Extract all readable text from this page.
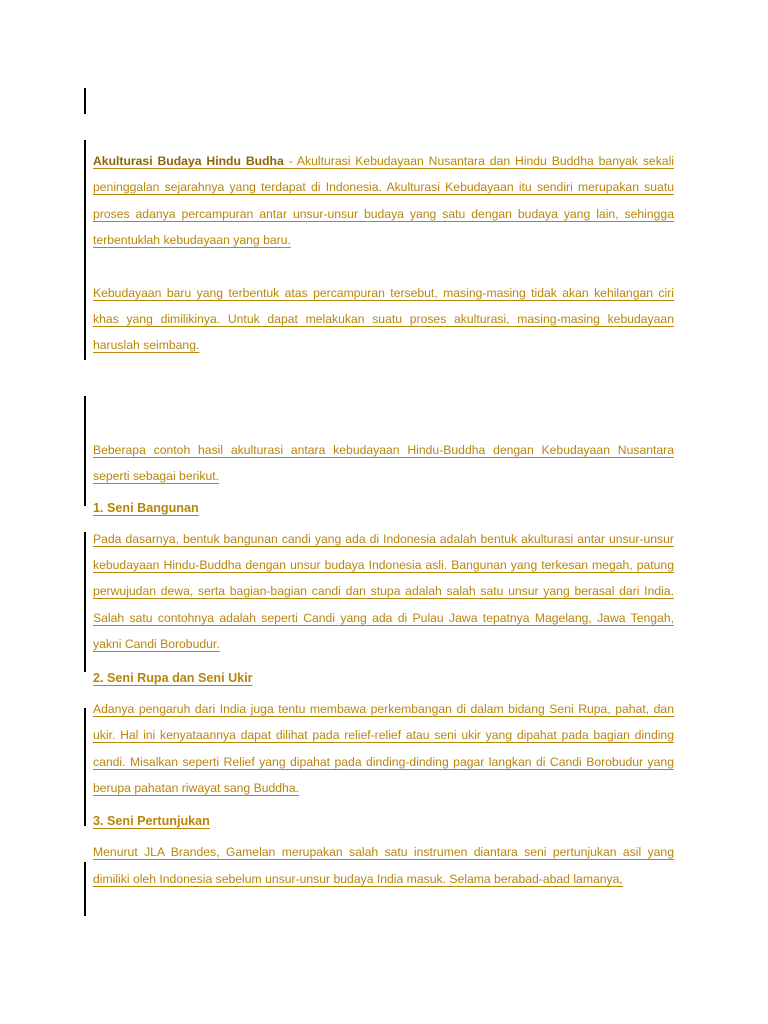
Akulturasi Budaya Hindu Budha - Akulturasi Kebudayaan Nusantara dan Hindu Buddha banyak sekali peninggalan sejarahnya yang terdapat di Indonesia. Akulturasi Kebudayaan itu sendiri merupakan suatu proses adanya percampuran antar unsur-unsur budaya yang satu dengan budaya yang lain, sehingga terbentuklah kebudayaan yang baru.

Kebudayaan baru yang terbentuk atas percampuran tersebut, masing-masing tidak akan kehilangan ciri khas yang dimilikinya. Untuk dapat melakukan suatu proses akulturasi, masing-masing kebudayaan haruslah seimbang.

Beberapa contoh hasil akulturasi antara kebudayaan Hindu-Buddha dengan Kebudayaan Nusantara seperti sebagai berikut.

1. Seni Bangunan

Pada dasarnya, bentuk bangunan candi yang ada di Indonesia adalah bentuk akulturasi antar unsur-unsur kebudayaan Hindu-Buddha dengan unsur budaya Indonesia asli. Bangunan yang terkesan megah, patung perwujudan dewa, serta bagian-bagian candi dan stupa adalah salah satu unsur yang berasal dari India. Salah satu contohnya adalah seperti Candi yang ada di Pulau Jawa tepatnya Magelang, Jawa Tengah, yakni Candi Borobudur.

2. Seni Rupa dan Seni Ukir

Adanya pengaruh dari India juga tentu membawa perkembangan di dalam bidang Seni Rupa, pahat, dan ukir. Hal ini kenyataannya dapat dilihat pada relief-relief atau seni ukir yang dipahat pada bagian dinding candi. Misalkan seperti Relief yang dipahat pada dinding-dinding pagar langkan di Candi Borobudur yang berupa pahatan riwayat sang Buddha.

3. Seni Pertunjukan

Menurut JLA Brandes, Gamelan merupakan salah satu instrumen diantara seni pertunjukan asil yang dimiliki oleh Indonesia sebelum unsur-unsur budaya India masuk. Selama berabad-abad lamanya,
